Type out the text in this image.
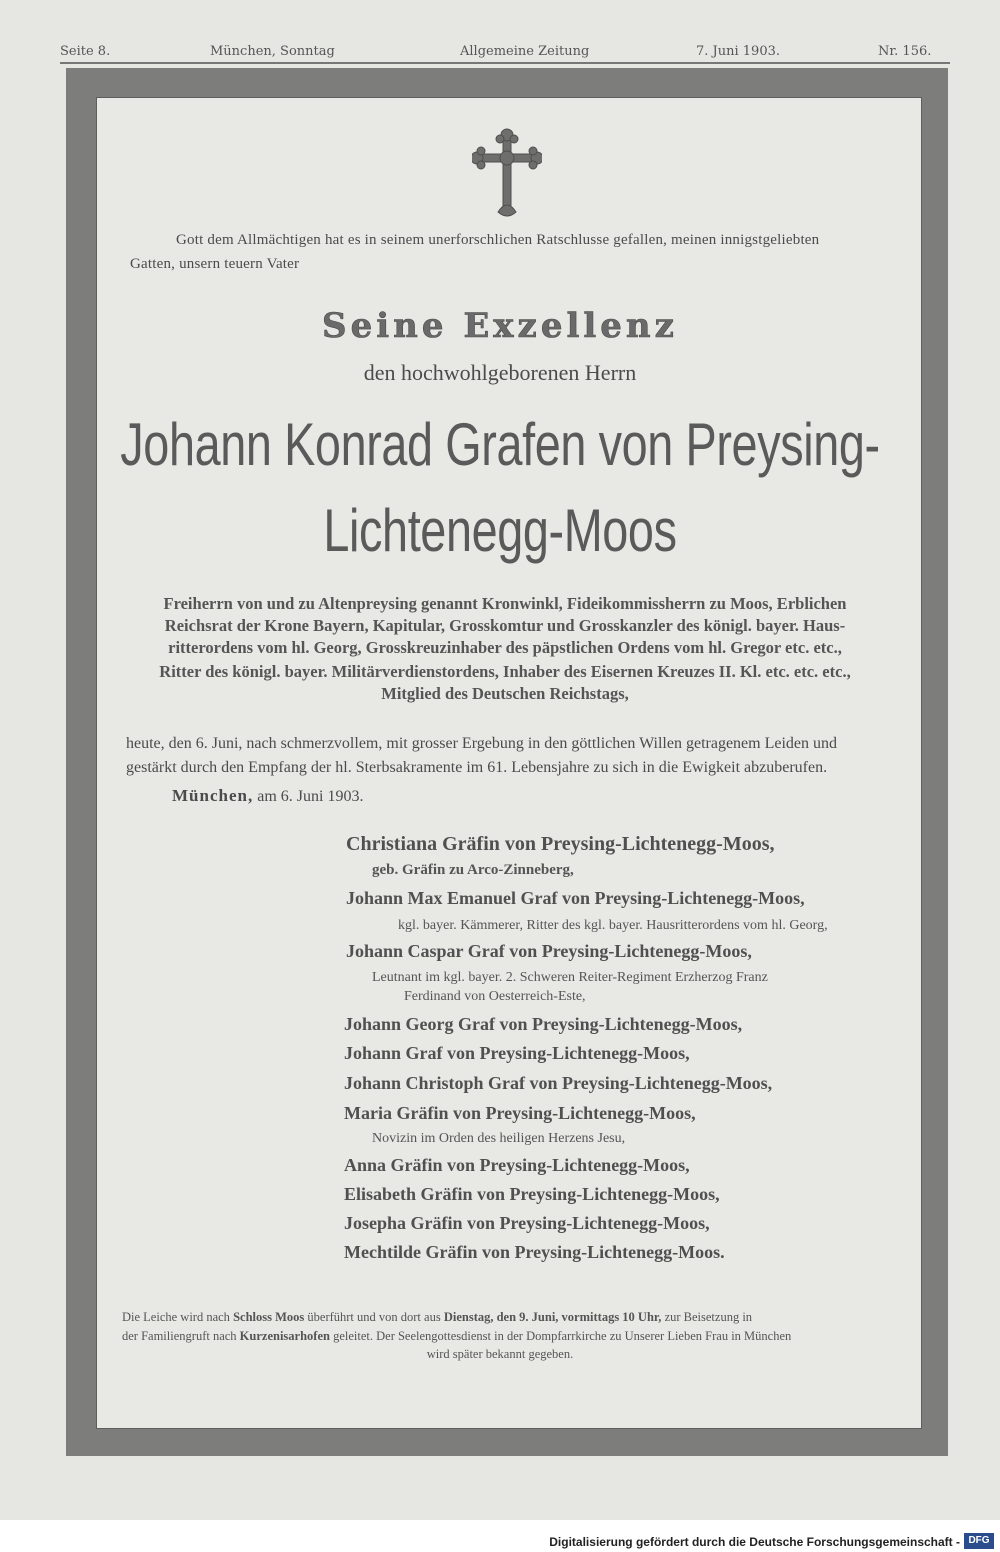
Seite 8.	München, Sonntag	Allgemeine Zeitung	7. Juni 1903.	Nr. 156.
Gott dem Allmächtigen hat es in seinem unerforschlichen Ratschlusse gefallen, meinen innigstgeliebten
Gatten, unsern teuern Vater
Seine Exzellenz
den hochwohlgeborenen Herrn
Johann Konrad Grafen von Preysing-
Lichtenegg-Moos
Freiherrn von und zu Altenpreysing genannt Kronwinkl, Fideikommissherrn zu Moos, Erblichen
Reichsrat der Krone Bayern, Kapitular, Grosskomtur und Grosskanzler des königl. bayer. Haus-
ritterordens vom hl. Georg, Grosskreuzinhaber des päpstlichen Ordens vom hl. Gregor etc. etc.,
Ritter des königl. bayer. Militärverdienstordens, Inhaber des Eisernen Kreuzes II. Kl. etc. etc. etc.,
Mitglied des Deutschen Reichstags,
heute, den 6. Juni, nach schmerzvollem, mit grosser Ergebung in den göttlichen Willen getragenem Leiden und
gestärkt durch den Empfang der hl. Sterbsakramente im 61. Lebensjahre zu sich in die Ewigkeit abzuberufen.
München, am 6. Juni 1903.
Christiana Gräfin von Preysing-Lichtenegg-Moos,
geb. Gräfin zu Arco-Zinneberg,
Johann Max Emanuel Graf von Preysing-Lichtenegg-Moos,
kgl. bayer. Kämmerer, Ritter des kgl. bayer. Hausritterordens vom hl. Georg,
Johann Caspar Graf von Preysing-Lichtenegg-Moos,
Leutnant im kgl. bayer. 2. Schweren Reiter-Regiment Erzherzog Franz
Ferdinand von Oesterreich-Este,
Johann Georg Graf von Preysing-Lichtenegg-Moos,
Johann Graf von Preysing-Lichtenegg-Moos,
Johann Christoph Graf von Preysing-Lichtenegg-Moos,
Maria Gräfin von Preysing-Lichtenegg-Moos,
Novizin im Orden des heiligen Herzens Jesu,
Anna Gräfin von Preysing-Lichtenegg-Moos,
Elisabeth Gräfin von Preysing-Lichtenegg-Moos,
Josepha Gräfin von Preysing-Lichtenegg-Moos,
Mechtilde Gräfin von Preysing-Lichtenegg-Moos.
Die Leiche wird nach Schloss Moos überführt und von dort aus Dienstag, den 9. Juni, vormittags 10 Uhr, zur Beisetzung in
der Familiengruft nach Kurzenisarhofen geleitet. Der Seelengottesdienst in der Dompfarrkirche zu Unserer Lieben Frau in München
wird später bekannt gegeben.
Digitalisierung gefördert durch die Deutsche Forschungsgemeinschaft - DFG
